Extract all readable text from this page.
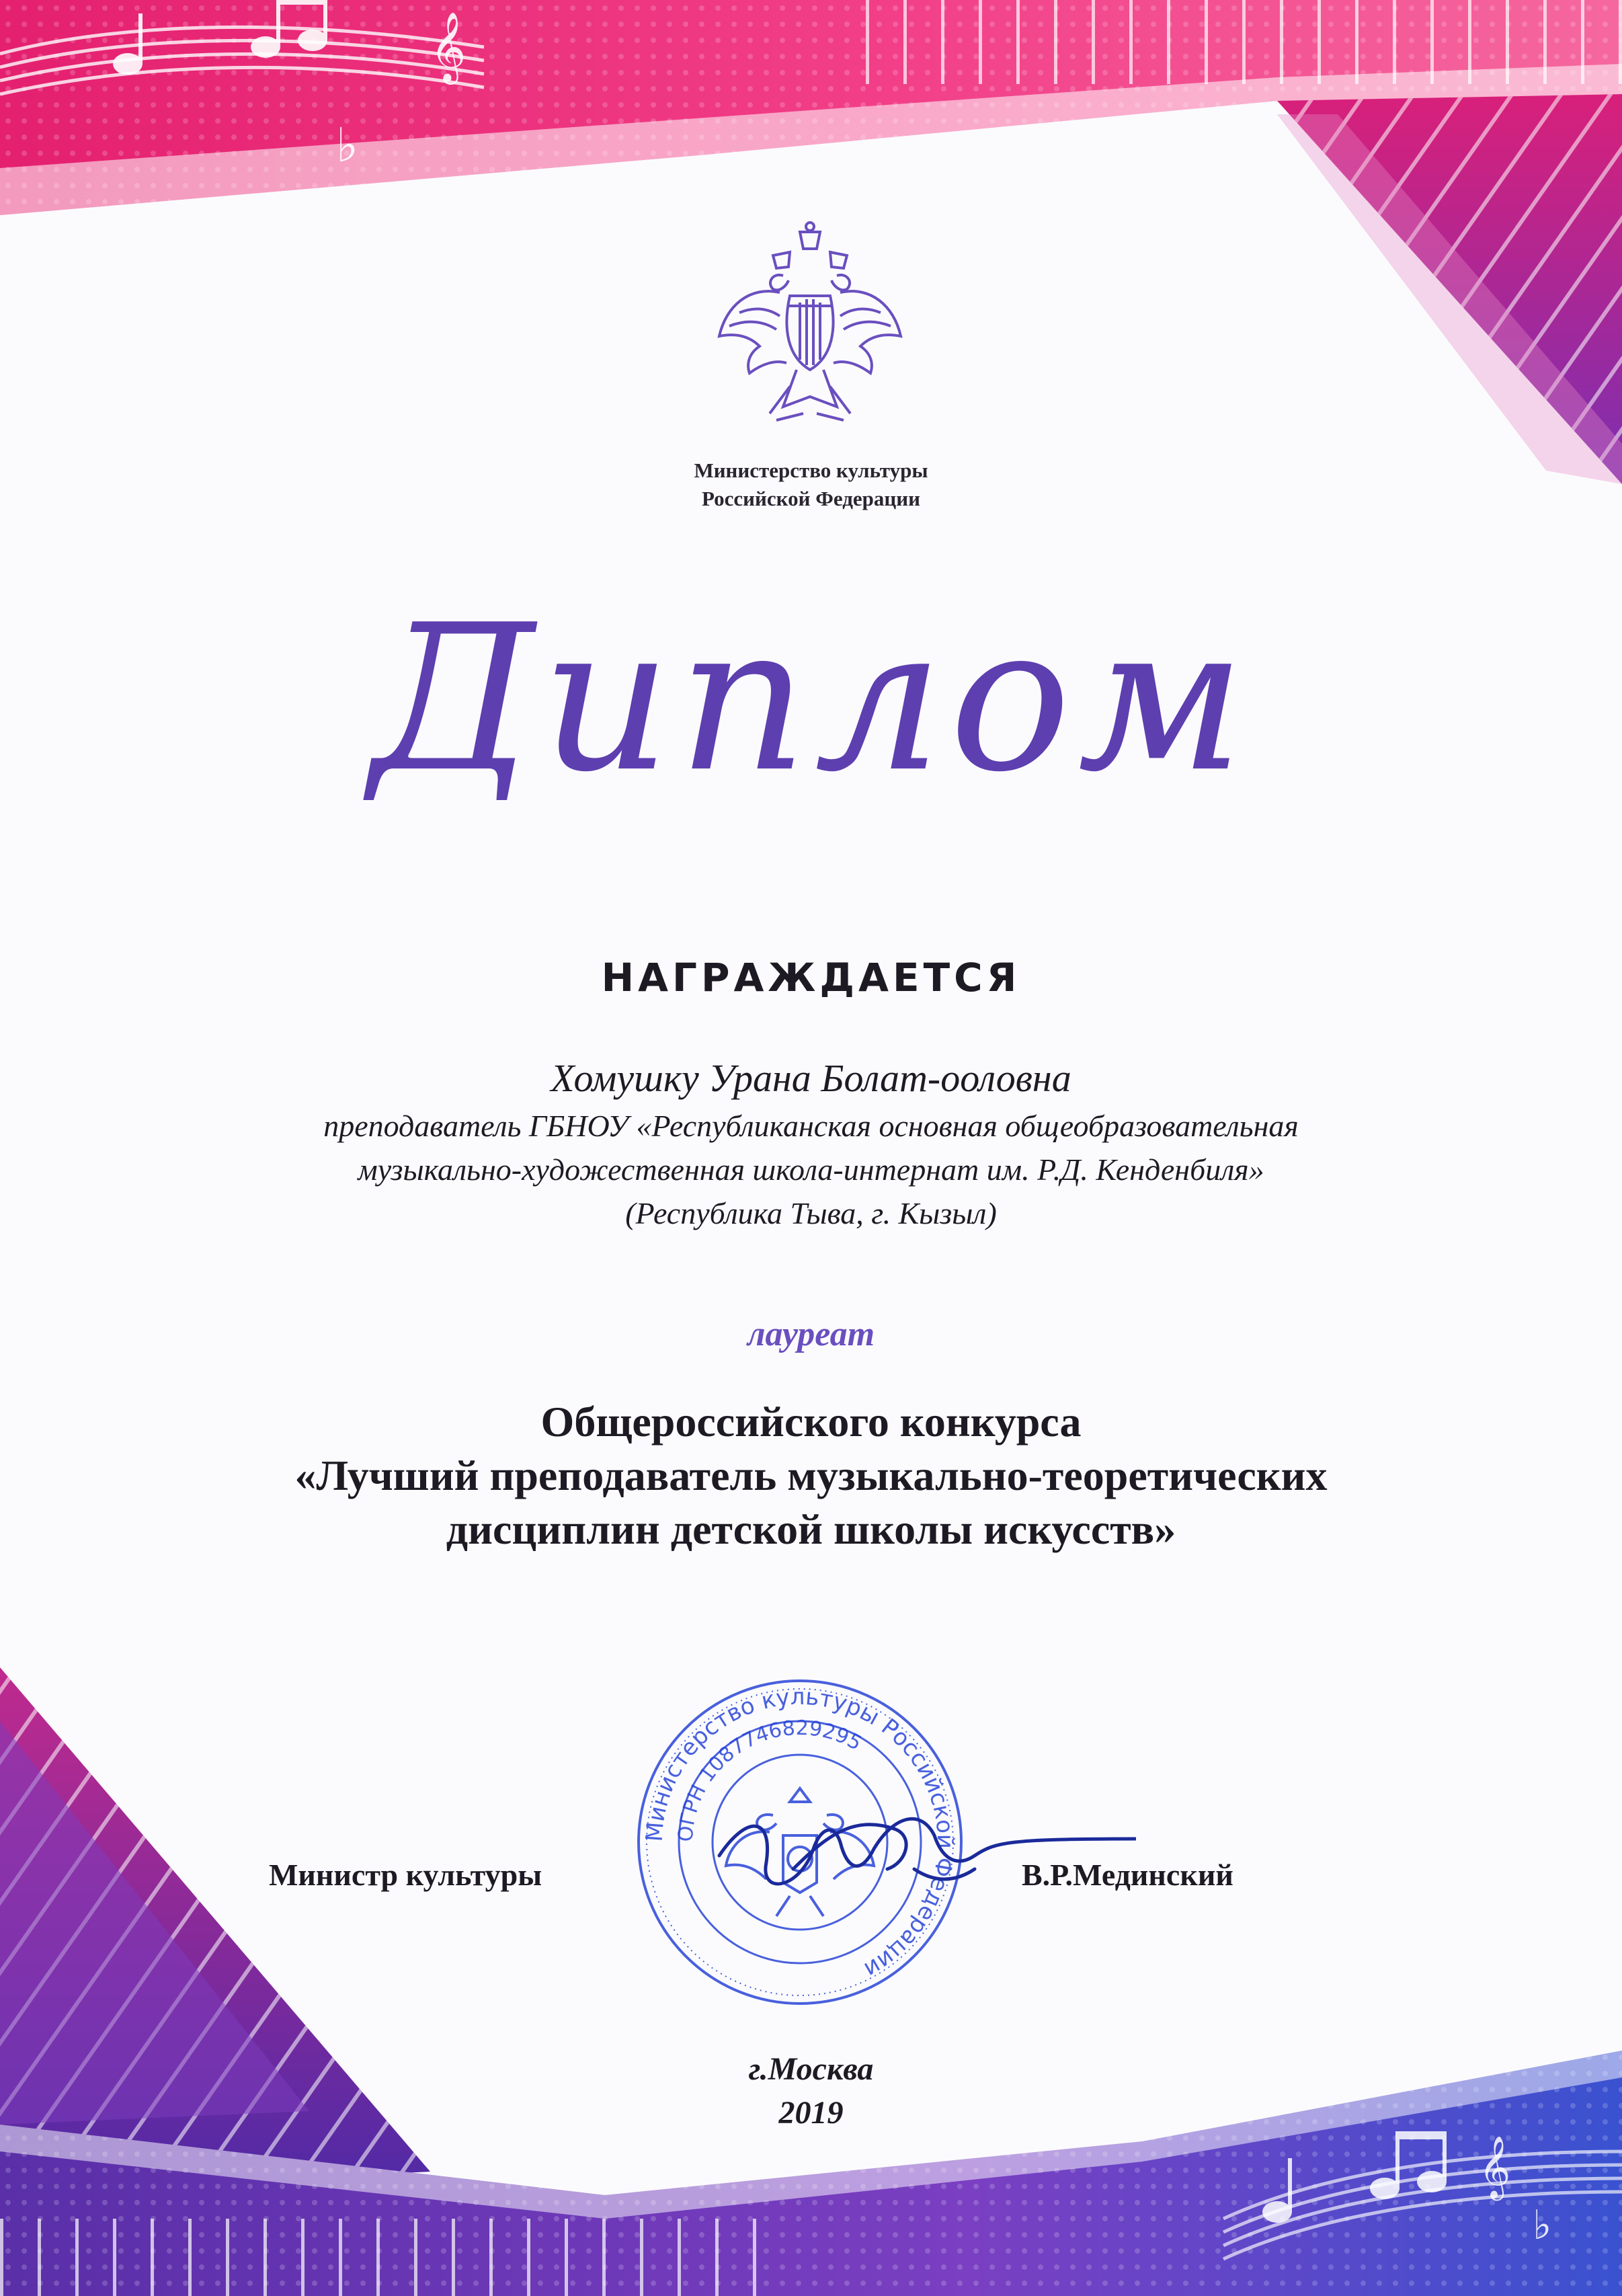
♭
𝄞
𝄞
♭
Министерство культуры
Российской Федерации
Диплом
НАГРАЖДАЕТСЯ
Хомушку Урана Болат-ооловна
преподаватель ГБНОУ «Республиканская основная общеобразовательная
музыкально-художественная школа-интернат им. Р.Д. Кенденбиля»
(Республика Тыва, г. Кызыл)
лауреат
Общероссийского конкурса
«Лучший преподаватель музыкально-теоретических
дисциплин детской школы искусств»
Министерство культуры Российской Федерации
ОГРН 1087746829295
Министр культуры	В.Р.Мединский
г.Москва
2019
